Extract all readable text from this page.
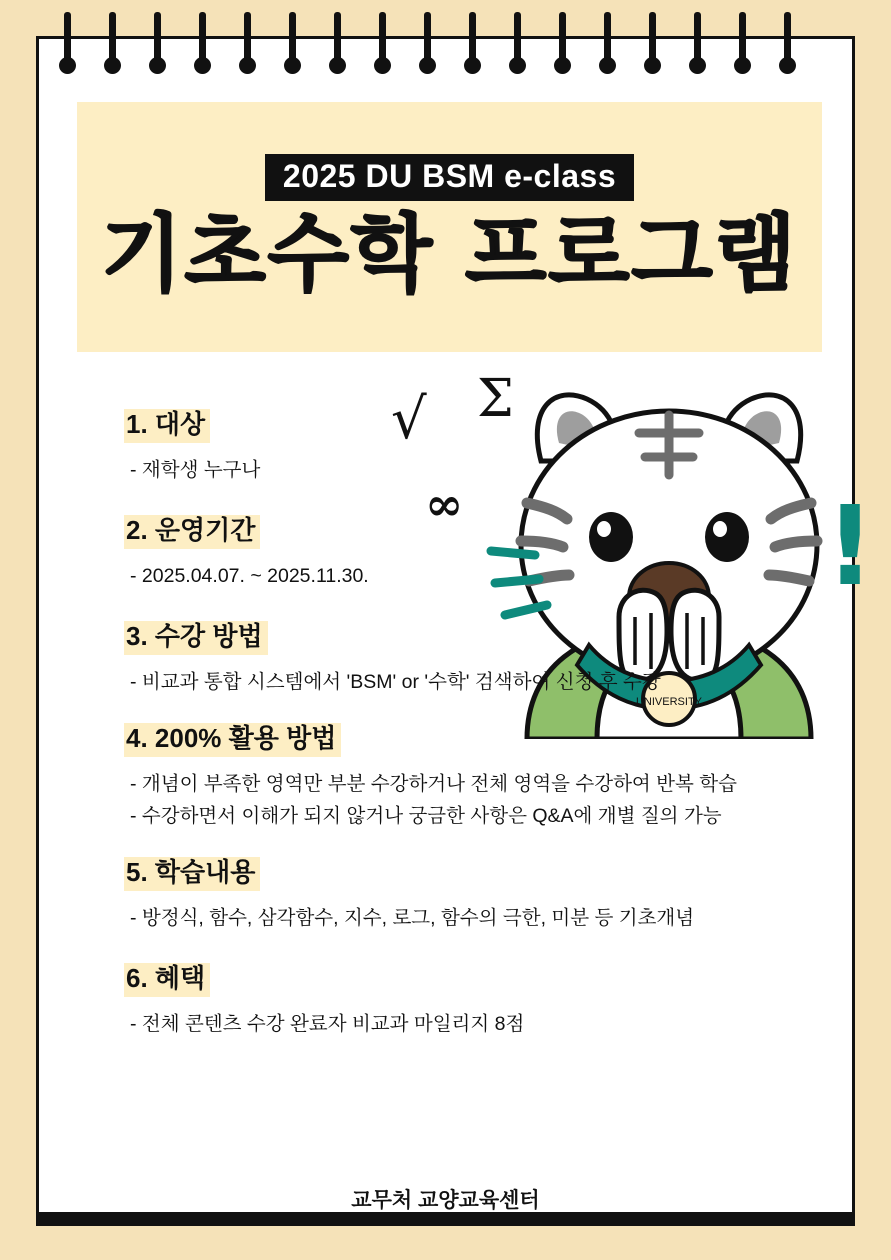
2025 DU BSM e-class
기초수학 프로그램
UNIVERSITY
√ Σ
∞	!
1. 대상
- 재학생 누구나
2. 운영기간
- 2025.04.07. ~ 2025.11.30.
3. 수강 방법
- 비교과 통합 시스템에서 'BSM' or '수학' 검색하여 신청 후 수강
4. 200% 활용 방법
- 개념이 부족한 영역만 부분 수강하거나 전체 영역을 수강하여 반복 학습
- 수강하면서 이해가 되지 않거나 궁금한 사항은 Q&A에 개별 질의 가능
5. 학습내용
- 방정식, 함수, 삼각함수, 지수, 로그, 함수의 극한, 미분 등 기초개념
6. 혜택
- 전체 콘텐츠 수강 완료자 비교과 마일리지 8점
교무처 교양교육센터
